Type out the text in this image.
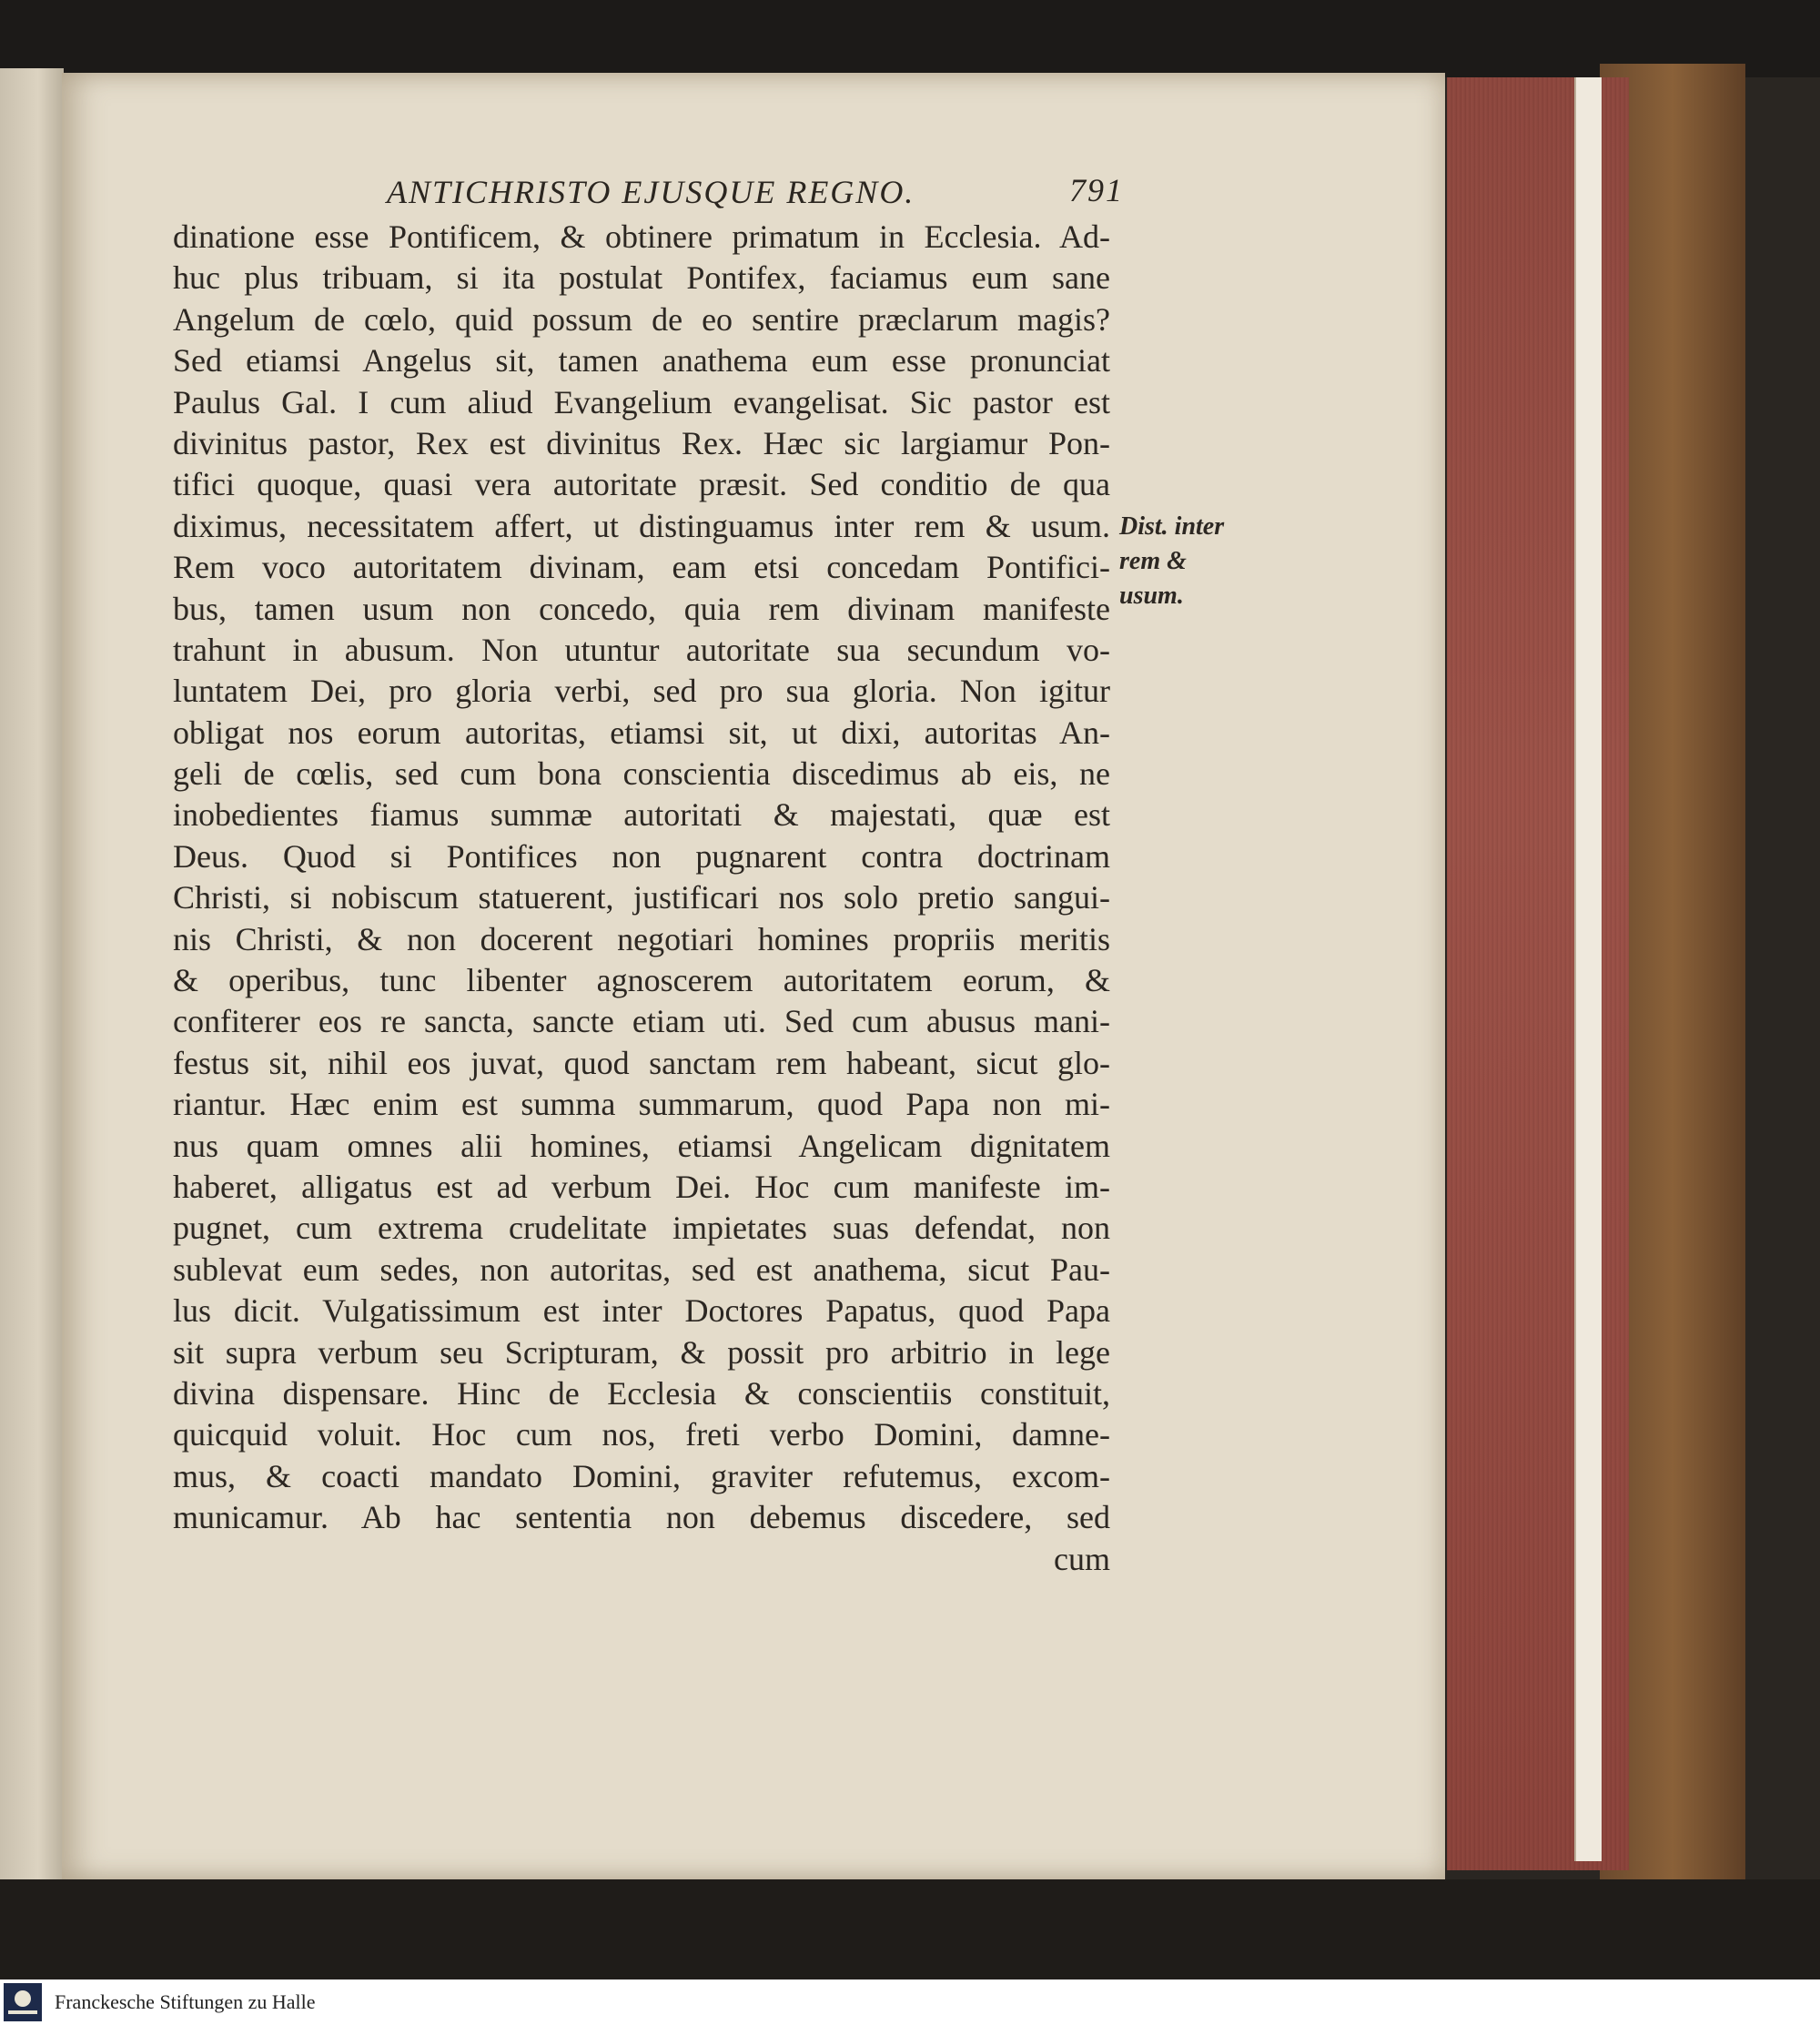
ANTICHRISTO EJUSQUE REGNO.	791
dinatione esse Pontificem, & obtinere primatum in Ecclesia. Ad-
huc plus tribuam, si ita postulat Pontifex, faciamus eum sane
Angelum de cœlo, quid possum de eo sentire præclarum magis?
Sed etiamsi Angelus sit, tamen anathema eum esse pronunciat
Paulus Gal. I cum aliud Evangelium evangelisat. Sic pastor est
divinitus pastor, Rex est divinitus Rex. Hæc sic largiamur Pon-
tifici quoque, quasi vera autoritate præsit. Sed conditio de qua
diximus, necessitatem affert, ut distinguamus inter rem & usum.
Rem voco autoritatem divinam, eam etsi concedam Pontifici-
bus, tamen usum non concedo, quia rem divinam manifeste
trahunt in abusum. Non utuntur autoritate sua secundum vo-
luntatem Dei, pro gloria verbi, sed pro sua gloria. Non igitur
obligat nos eorum autoritas, etiamsi sit, ut dixi, autoritas An-
geli de cœlis, sed cum bona conscientia discedimus ab eis, ne
inobedientes fiamus summæ autoritati & majestati, quæ est
Deus. Quod si Pontifices non pugnarent contra doctrinam
Christi, si nobiscum statuerent, justificari nos solo pretio sangui-
nis Christi, & non docerent negotiari homines propriis meritis
& operibus, tunc libenter agnoscerem autoritatem eorum, &
confiterer eos re sancta, sancte etiam uti. Sed cum abusus mani-
festus sit, nihil eos juvat, quod sanctam rem habeant, sicut glo-
riantur. Hæc enim est summa summarum, quod Papa non mi-
nus quam omnes alii homines, etiamsi Angelicam dignitatem
haberet, alligatus est ad verbum Dei. Hoc cum manifeste im-
pugnet, cum extrema crudelitate impietates suas defendat, non
sublevat eum sedes, non autoritas, sed est anathema, sicut Pau-
lus dicit. Vulgatissimum est inter Doctores Papatus, quod Papa
sit supra verbum seu Scripturam, & possit pro arbitrio in lege
divina dispensare. Hinc de Ecclesia & conscientiis constituit,
quicquid voluit. Hoc cum nos, freti verbo Domini, damne-
mus, & coacti mandato Domini, graviter refutemus, excom-
municamur. Ab hac sententia non debemus discedere, sed
cum
Dist. inter
rem &
usum.
Franckesche Stiftungen zu Halle
